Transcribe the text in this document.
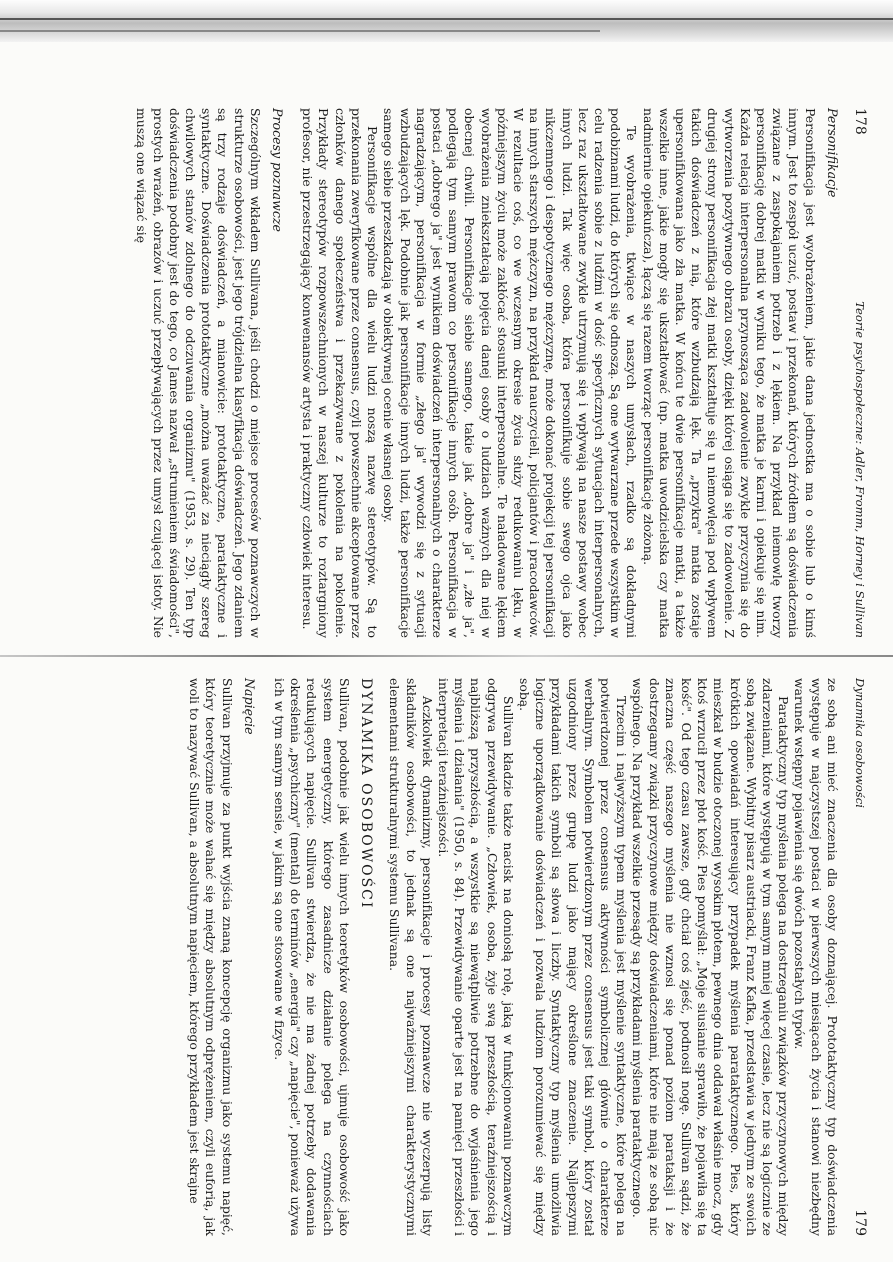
178
Teorie psychospołeczne: Adler, Fromm, Horney i Sullivan
Personifikacje

Personifikacja jest wyobrażeniem, jakie dana jednostka ma o sobie lub o kimś innym. Jest to zespół uczuć, postaw i przekonań, których źródłem są doświadczenia związane z zaspokajaniem potrzeb i z lękiem. Na przykład niemowlę tworzy personifikację dobrej matki w wyniku tego, że matka je karmi i opiekuje się nim. Każda relacja interpersonalna przynosząca zadowolenie zwykle przyczynia się do wytworzenia pozytywnego obrazu osoby, dzięki której osiąga się to zadowolenie. Z drugiej strony personifikacja złej matki kształtuje się u niemowlęcia pod wpływem takich doświadczeń z nią, które wzbudzają lęk. Ta „przykra" matka zostaje upersonifikowana jako zła matka. W końcu te dwie personifikacje matki, a także wszelkie inne, jakie mogły się ukształtować (np. matka uwodzicielska czy matka nadmiernie opiekuńcza), łączą się razem tworząc personifikację złożoną.

Te wyobrażenia, tkwiące w naszych umysłach, rzadko są dokładnymi podobiznami ludzi, do których się odnoszą. Są one wytwarzane przede wszystkim w celu radzenia sobie z ludźmi w dość specyficznych sytuacjach interpersonalnych, lecz raz ukształtowane zwykle utrzymują się i wpływają na nasze postawy wobec innych ludzi. Tak więc osoba, która personifikuje sobie swego ojca jako nikczemnego i despotycznego mężczyznę, może dokonać projekcji tej personifikacji na innych starszych mężczyzn, na przykład nauczycieli, policjantów i pracodawców. W rezultacie coś, co we wczesnym okresie życia służy redukowaniu lęku, w późniejszym życiu może zakłócać stosunki interpersonalne. Te naładowane lękiem wyobrażenia zniekształcają pojęcia danej osoby o ludziach ważnych dla niej w obecnej chwili. Personifikacje siebie samego, takie jak „dobre ja" i „złe ja", podlegają tym samym prawom co personifikacje innych osób. Personifikacja w postaci „dobrego ja" jest wynikiem doświadczeń interpersonalnych o charakterze nagradzającym, personifikacja w formie „złego ja" wywodzi się z sytuacji wzbudzających lęk. Podobnie jak personifikacje innych ludzi, także personifikacje samego siebie przeszkadzają w obiektywnej ocenie własnej osoby.

Personifikacje wspólne dla wielu ludzi noszą nazwę stereotypów. Są to przekonania zweryfikowane przez consensus, czyli powszechnie akceptowane przez członków danego społeczeństwa i przekazywane z pokolenia na pokolenie. Przykłady stereotypów rozpowszechnionych w naszej kulturze to roztargniony profesor, nie przestrzegający konwenansów artysta i praktyczny człowiek interesu.

Procesy poznawcze

Szczególnym wkładem Sullivana, jeśli chodzi o miejsce procesów poznawczych w strukturze osobowości, jest jego trójdzielna klasyfikacja doświadczeń. Jego zdaniem są trzy rodzaje doświadczeń, a mianowicie: prototaktyczne, parataktyczne i syntaktyczne. Doświadczenia prototaktyczne „można uważać za nieciągły szereg chwilowych stanów zdolnego do odczuwania organizmu" (1953, s. 29). Ten typ doświadczenia podobny jest do tego, co James nazwał „strumieniem świadomości", prostych wrażeń, obrazów i uczuć przepływających przez umysł czującej istoty. Nie muszą one wiązać się

Dynamika osobowości
179

ze sobą ani mieć znaczenia dla osoby doznającej. Prototaktyczny typ doświadczenia występuje w najczystszej postaci w pierwszych miesiącach życia i stanowi niezbędny warunek wstępny pojawienia się dwóch pozostałych typów.

Parataktyczny typ myślenia polega na dostrzeganiu związków przyczynowych między zdarzeniami, które występują w tym samym mniej więcej czasie, lecz nie są logicznie ze sobą związane. Wybitny pisarz austriacki, Franz Kafka, przedstawia w jednym ze swoich krótkich opowiadań interesujący przypadek myślenia parataktycznego. Pies, który mieszkał w budzie otoczonej wysokim płotem, pewnego dnia oddawał właśnie mocz, gdy ktoś wrzucił przez płot kość. Pies pomyślał: „Moje siusianie sprawiło, że pojawiła się ta kość". Od tego czasu zawsze, gdy chciał coś zjeść, podnosił nogę. Sullivan sądzi, że znaczna część naszego myślenia nie wznosi się ponad poziom parataksji i że dostrzegamy związki przyczynowe między doświadczeniami, które nie mają ze sobą nic wspólnego. Na przykład wszelkie przesądy są przykładami myślenia parataktycznego.

Trzecim i najwyższym typem myślenia jest myślenie syntaktyczne, które polega na potwierdzonej przez consensus aktywności symbolicznej głównie o charakterze werbalnym. Symbolem potwierdzonym przez consensus jest taki symbol, który został uzgodniony przez grupę ludzi jako mający określone znaczenie. Najlepszymi przykładami takich symboli są słowa i liczby. Syntaktyczny typ myślenia umożliwia logiczne uporządkowanie doświadczeń i pozwala ludziom porozumiewać się między sobą.

Sullivan kładzie także nacisk na doniosłą rolę, jaką w funkcjonowaniu poznawczym odgrywa przewidywanie. „Człowiek, osoba, żyje swą przeszłością, teraźniejszością i najbliższą przyszłością, a wszystkie są niewątpliwie potrzebne do wyjaśnienia jego myślenia i działania" (1950, s. 84). Przewidywanie oparte jest na pamięci przeszłości i interpretacji teraźniejszości.

Aczkolwiek dynamizmy, personifikacje i procesy poznawcze nie wyczerpują listy składników osobowości, to jednak są one najważniejszymi charakterystycznymi elementami strukturalnymi systemu Sullivana.

DYNAMIKA OSOBOWOŚCI

Sullivan, podobnie jak wielu innych teoretyków osobowości, ujmuje osobowość jako system energetyczny, którego zasadnicze działanie polega na czynnościach redukujących napięcie. Sullivan stwierdza, że nie ma żadnej potrzeby dodawania określenia „psychiczny" (mental) do terminów „energia" czy „napięcie", ponieważ używa ich w tym samym sensie, w jakim są one stosowane w fizyce.

Napięcie

Sullivan przyjmuje za punkt wyjścia znaną koncepcję organizmu jako systemu napięć, który teoretycznie może wahać się między absolutnym odprężeniem, czyli euforią, jak woli to nazywać Sullivan, a absolutnym napięciem, którego przykładem jest skrajne
